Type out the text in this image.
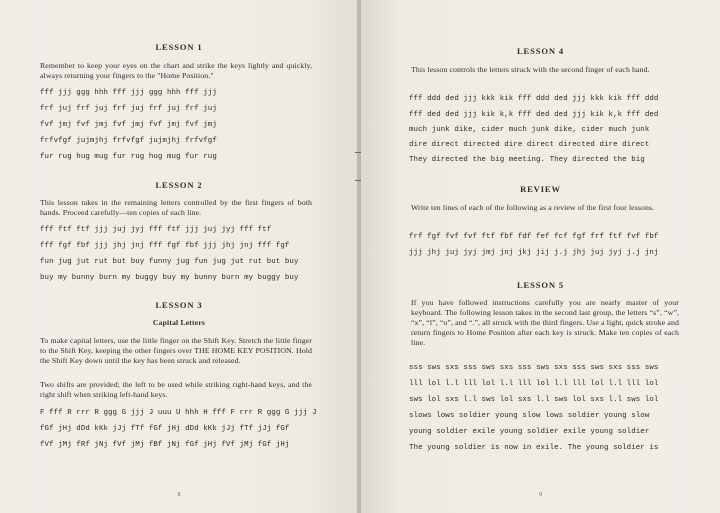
LESSON 1
Remember to keep your eyes on the chart and strike the keys lightly and quickly, always returning your fingers to the "Home Position."
fff jjj ggg hhh fff jjj ggg hhh fff jjj
frf juj frf juj frf juj frf juj frf juj
fvf jmj fvf jmj fvf jmj fvf jmj fvf jmj
frfvfgf jujmjhj frfvfgf jujmjhj frfvfgf
fur rug hug mug fur rug hug mug fur rug
LESSON 2
This lesson takes in the remaining letters controlled by the first fingers of both hands. Proceed carefully—ten copies of each line.
fff ftf ftf jjj juj jyj fff ftf jjj juj jyj fff ftf
fff fgf fbf jjj jhj jnj fff fgf fbf jjj jhj jnj fff fgf
fun jug jut rut but buy funny jug fun jug jut rut but buy
buy my bunny burn my buggy buy my bunny burn my buggy buy
LESSON 3
Capital Letters
To make capital letters, use the little finger on the Shift Key. Stretch the little finger to the Shift Key, keeping the other fingers over THE HOME KEY POSITION. Hold the Shift Key down until the key has been struck and released.
Two shifts are provided; the left to be used while striking right-hand keys, and the right shift when striking left-hand keys.
F fff R rrr R ggg G jjj J uuu U hhh H fff F rrr R ggg G jjj J
fGf jHj dDd kKk jJj fTf fGf jHj dDd kKk jJj fTf jJj fGf
fVf jMj fRf jNj fVf jMj fBf jNj fGf jHj fVf jMj fGf jHj
8
LESSON 4
This lesson controls the letters struck with the second finger of each hand.
fff ddd ded jjj kkk kik fff ddd ded jjj kkk kik fff ddd
fff ded ded jjj kik k,k fff ded ded jjj kik k,k fff ded
much junk dike, cider much junk dike, cider much junk
dire direct directed dire direct directed dire direct
They directed the big meeting. They directed the big
REVIEW
Write ten lines of each of the following as a review of the first four lessons.
frf fgf fvf fvf ftf fbf fdf fef fcf fgf frf ftf fvf fbf
jjj jhj juj jyj jmj jnj jkj jij j.j jhj juj jyj j.j jnj
LESSON 5
If you have followed instructions carefully you are nearly master of your keyboard. The following lesson takes in the second last group, the letters “s”, “w”, “x”, “l”, “o”, and “.”, all struck with the third fingers. Use a light, quick stroke and return fingers to Home Position after each key is struck. Make ten copies of each line.
sss sws sxs sss sws sxs sss sws sxs sss sws sxs sss sws
lll lol l.l lll lol l.l lll lol l.l lll lol l.l lll lol
sws lol sxs l.l sws lol sxs l.l sws lol sxs l.l sws lol
slows lows soldier young slow lows soldier young slow
young soldier exile young soldier exile young soldier
The young soldier is now in exile. The young soldier is
9
